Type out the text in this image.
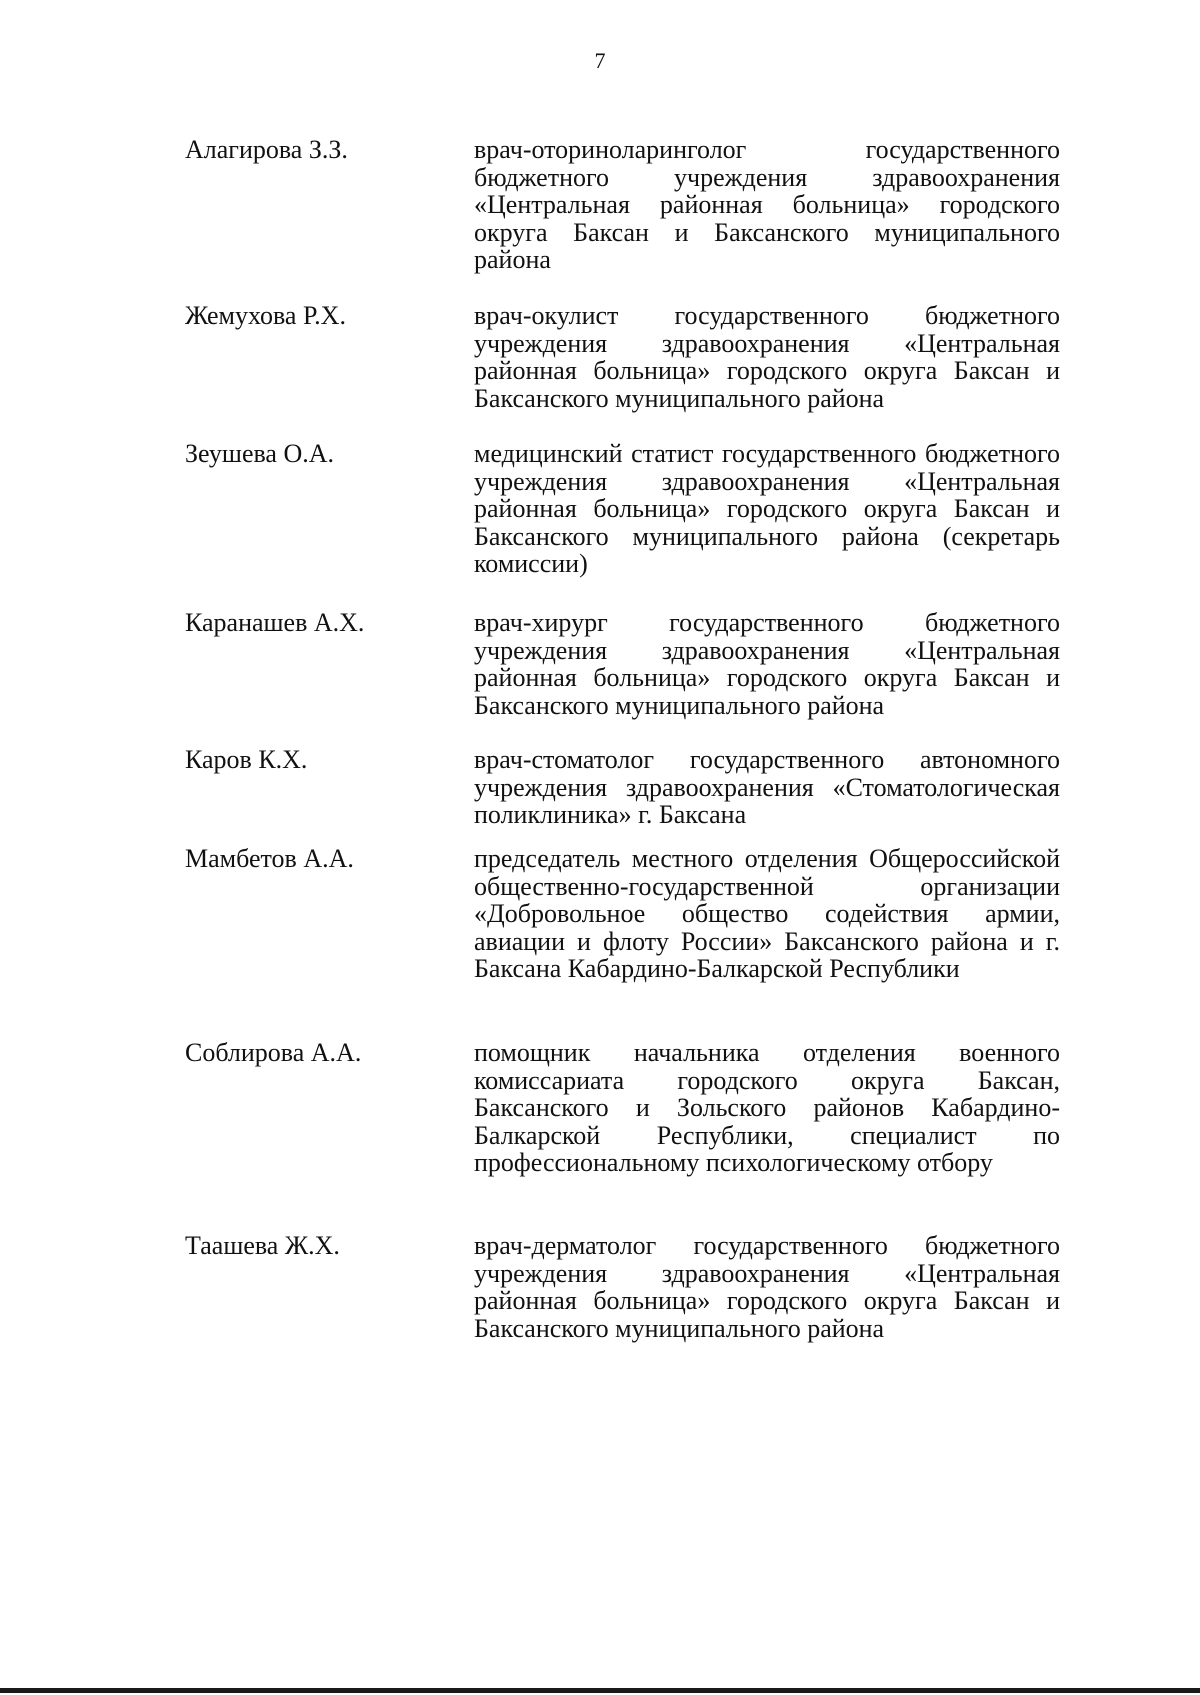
7
Алагирова З.З.	врач-оториноларинголог государственного бюджетного учреждения здравоохранения «Центральная районная больница» городского округа Баксан и Баксанского муниципального района

Жемухова Р.Х.	врач-окулист государственного бюджетного учреждения здравоохранения «Центральная районная больница» городского округа Баксан и Баксанского муниципального района

Зеушева О.А.	медицинский статист государственного бюджетного учреждения здравоохранения «Центральная районная больница» городского округа Баксан и Баксанского муниципального района (секретарь комиссии)

Каранашев А.Х.	врач-хирург государственного бюджетного учреждения здравоохранения «Центральная районная больница» городского округа Баксан и Баксанского муниципального района

Каров К.Х.	врач-стоматолог государственного автономного учреждения здравоохранения «Стоматологическая поликлиника» г. Баксана

Мамбетов А.А.	председатель местного отделения Общероссийской общественно-государственной организации «Добровольное общество содействия армии, авиации и флоту России» Баксанского района и г. Баксана Кабардино-Балкарской Республики

Соблирова А.А.	помощник начальника отделения военного комиссариата городского округа Баксан, Баксанского и Зольского районов Кабардино-Балкарской Республики, специалист по профессиональному психологическому отбору

Таашева Ж.Х.	врач-дерматолог государственного бюджетного учреждения здравоохранения «Центральная районная больница» городского округа Баксан и Баксанского муниципального района
